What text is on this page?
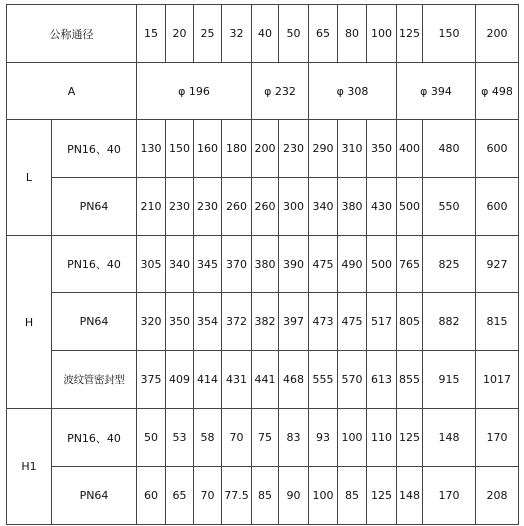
公称通径		15	20	25	32	40	50	65	80	100	125	150	200
A		φ 196				φ 232		φ 308			φ 394		φ 498
L	PN16、40	130	150	160	180	200	230	290	310	350	400	480	600
	PN64	210	230	230	260	260	300	340	380	430	500	550	600
H	PN16、40	305	340	345	370	380	390	475	490	500	765	825	927
	PN64	320	350	354	372	382	397	473	475	517	805	882	815
	波纹管密封型	375	409	414	431	441	468	555	570	613	855	915	1017
H1	PN16、40	50	53	58	70	75	83	93	100	110	125	148	170
	PN64	60	65	70	77.5	85	90	100	85	125	148	170	208
